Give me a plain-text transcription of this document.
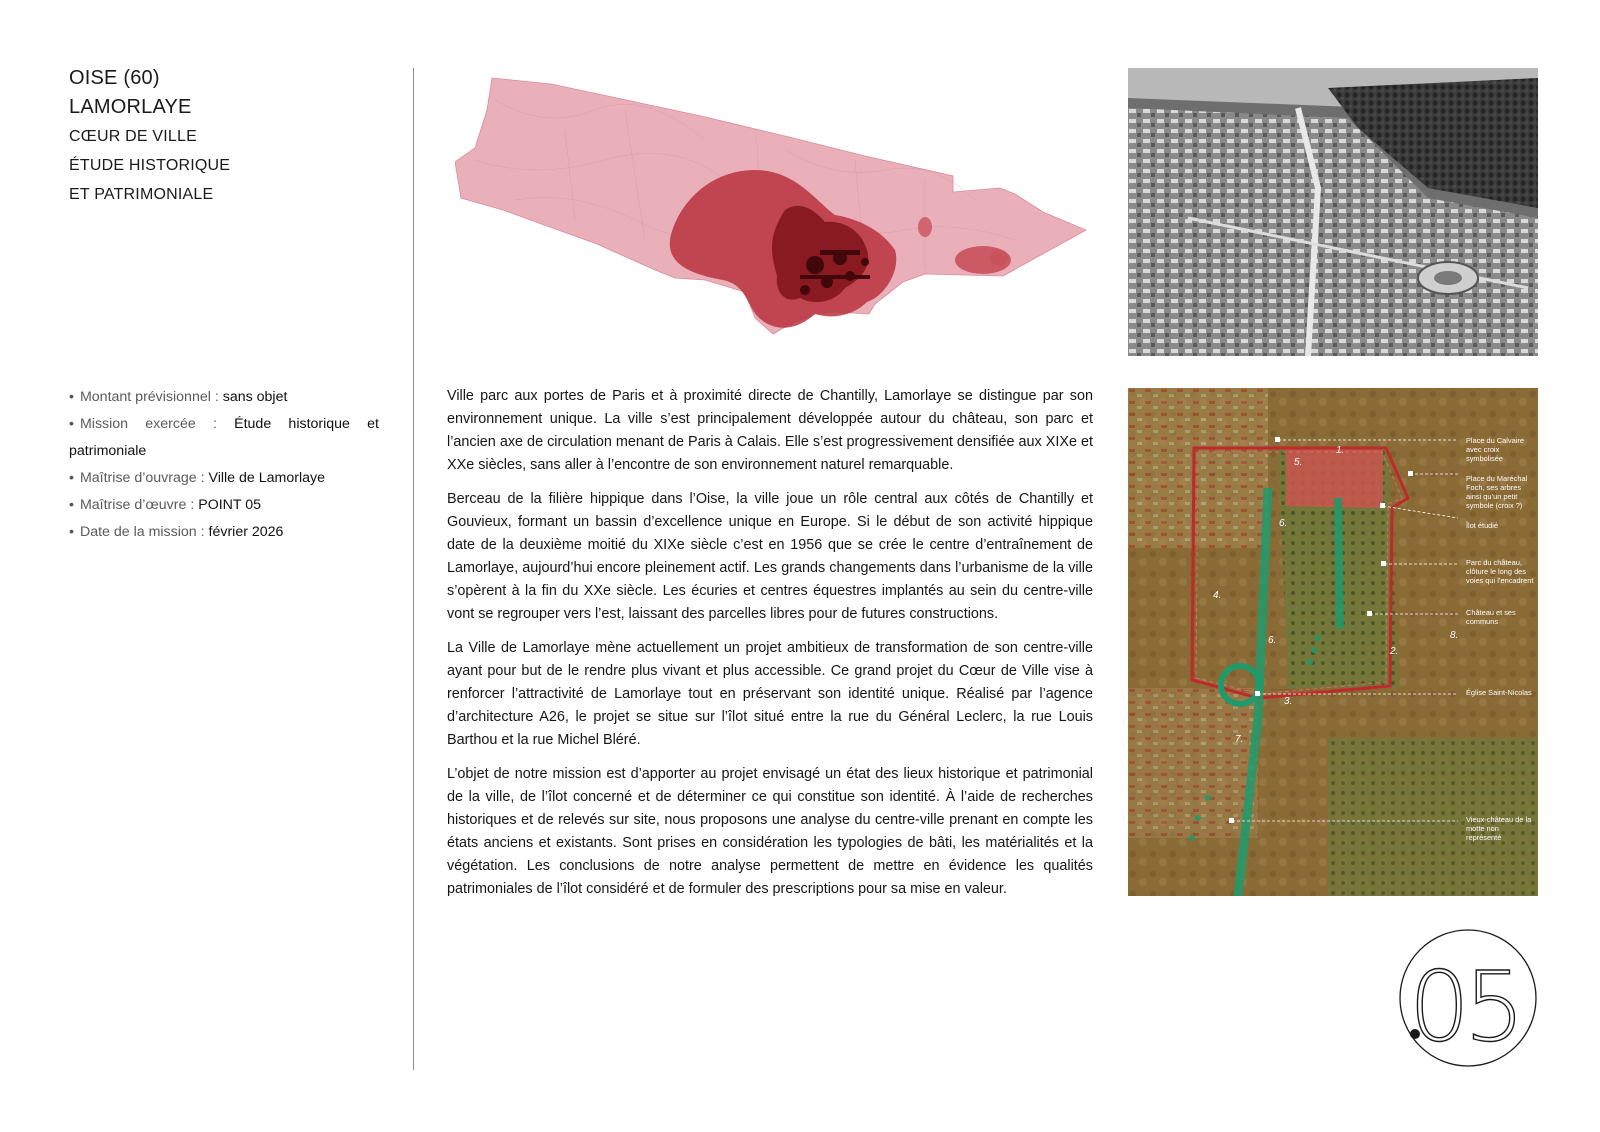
OISE (60)
LAMORLAYE
CŒUR DE VILLE
ÉTUDE HISTORIQUE
ET PATRIMONIALE
• Montant prévisionnel : sans objet
• Mission exercée : Étude historique et patrimoniale
• Maîtrise d’ouvrage : Ville de Lamorlaye
• Maîtrise d’œuvre : POINT 05
• Date de la mission : février 2026
Place du Calvaire avec croix symbolisée
Place du Maréchal Foch, ses arbres ainsi qu’un petit symbole (croix ?)
Îlot étudié
Parc du château, clôture le long des voies qui l’encadrent
Château et ses communs
Église Saint-Nicolas
Vieux-château de la motte non représenté
1.
2.
3.
4.
5.
6.
6.
7.
8.

Ville parc aux portes de Paris et à proximité directe de Chantilly, Lamorlaye se distingue par son environnement unique. La ville s’est principalement développée autour du château, son parc et l’ancien axe de circulation menant de Paris à Calais. Elle s’est progressivement densifiée aux XIXe et XXe siècles, sans aller à l’encontre de son environnement naturel remarquable.

Berceau de la filière hippique dans l’Oise, la ville joue un rôle central aux côtés de Chantilly et Gouvieux, formant un bassin d’excellence unique en Europe. Si le début de son activité hippique date de la deuxième moitié du XIXe siècle c’est en 1956 que se crée le centre d’entraînement de Lamorlaye, aujourd’hui encore pleinement actif. Les grands changements dans l’urbanisme de la ville s’opèrent à la fin du XXe siècle. Les écuries et centres équestres implantés au sein du centre-ville vont se regrouper vers l’est, laissant des parcelles libres pour de futures constructions.

La Ville de Lamorlaye mène actuellement un projet ambitieux de transformation de son centre-ville ayant pour but de le rendre plus vivant et plus accessible. Ce grand projet du Cœur de Ville vise à renforcer l’attractivité de Lamorlaye tout en préservant son identité unique. Réalisé par l’agence d’architecture A26, le projet se situe sur l’îlot situé entre la rue du Général Leclerc, la rue Louis Barthou et la rue Michel Bléré.

L’objet de notre mission est d’apporter au projet envisagé un état des lieux historique et patrimonial de la ville, de l’îlot concerné et de déterminer ce qui constitue son identité. À l’aide de recherches historiques et de relevés sur site, nous proposons une analyse du centre-ville prenant en compte les états anciens et existants. Sont prises en considération les typologies de bâti, les matérialités et la végétation. Les conclusions de notre analyse permettent de mettre en évidence les qualités patrimoniales de l’îlot considéré et de formuler des prescriptions pour sa mise en valeur.

05
